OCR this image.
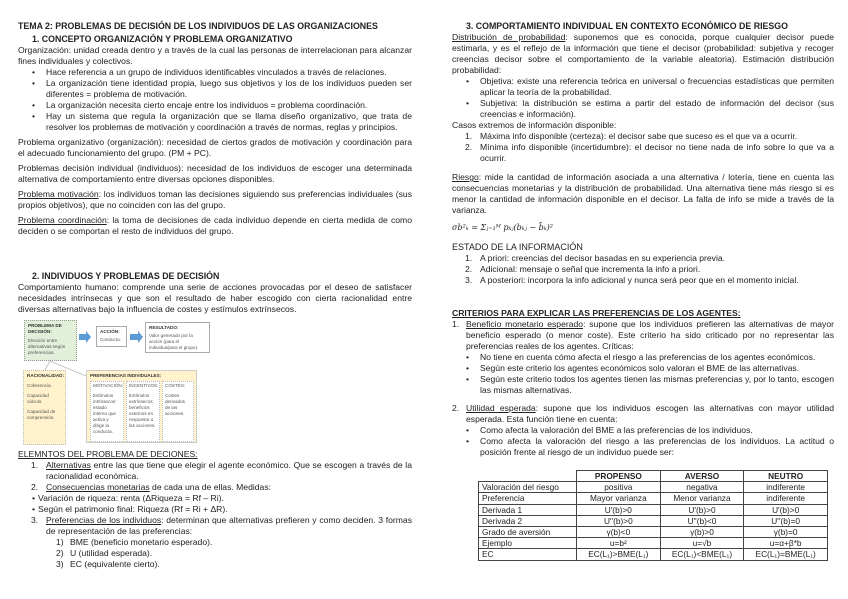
TEMA 2: PROBLEMAS DE DECISIÓN DE LOS INDIVIDUOS DE LAS ORGANIZACIONES
1. CONCEPTO ORGANIZACIÓN Y PROBLEMA ORGANIZATIVO
Organización: unidad creada dentro y a través de la cual las personas de interrelacionan para alcanzar fines individuales y colectivos.
• Hace referencia a un grupo de individuos identificables vinculados a través de relaciones.
• La organización tiene identidad propia, luego sus objetivos y los de los individuos pueden ser diferentes = problema de motivación.
• La organización necesita cierto encaje entre los individuos = problema coordinación.
• Hay un sistema que regula la organización que se llama diseño organizativo, que trata de resolver los problemas de motivación y coordinación a través de normas, reglas y principios.

Problema organizativo (organización): necesidad de ciertos grados de motivación y coordinación para el adecuado funcionamiento del grupo. (PM + PC).

Problemas decisión individual (individuos): necesidad de los individuos de escoger una determinada alternativa de comportamiento entre diversas opciones disponibles.

Problema motivación: los individuos toman las decisiones siguiendo sus preferencias individuales (sus propios objetivos), que no coinciden con las del grupo.

Problema coordinación: la toma de decisiones de cada individuo depende en cierta medida de como deciden o se comportan el resto de individuos del grupo.

2. INDIVIDUOS Y PROBLEMAS DE DECISIÓN
Comportamiento humano: comprende una serie de acciones provocadas por el deseo de satisfacer necesidades intrínsecas y que son el resultado de haber escogido con cierta racionalidad entre diversas alternativas bajo la influencia de costes y estímulos extrínsecos.
PROBLEMA DE DECISIÓN:
Elección entre alternativas según preferencias.
ACCIÓN:
Conducta.
RESULTADO:
Valor generado por la acción (para el individuo/para el grupo).
RACIONALIDAD:
Coherencia.
Capacidad cálculo.
Capacidad de comprensión.
PREFERENCIAS INDIVIDUALES:
MOTIVACIÓN:
Estímulos intrínsecos: estado interno que activa y dirige la conducta.
INCENTIVOS:
Estímulos extrínsecos: beneficios externos en respuesta a las acciones.
COSTES:
Costes derivados de las acciones.
ELEMNTOS DEL PROBLEMA DE DECIONES:
1. Alternativas entre las que tiene que elegir el agente económico. Que se escogen a través de la racionalidad económica.
2. Consecuencias monetarias de cada una de ellas. Medidas:
• Variación de riqueza: renta (ΔRiqueza = Rf – Ri).
• Según el patrimonio final: Riqueza (Rf = Ri + ΔR).
3. Preferencias de los individuos: determinan que alternativas prefieren y como deciden. 3 formas de representación de las preferencias:
1) BME (beneficio monetario esperado).
2) U (utilidad esperada).
3) EC (equivalente cierto).
3. COMPORTAMIENTO INDIVIDUAL EN CONTEXTO ECONÓMICO DE RIESGO
Distribución de probabilidad: suponemos que es conocida, porque cualquier decisor puede estimarla, y es el reflejo de la información que tiene el decisor (probabilidad: subjetiva y recoger creencias decisor sobre el comportamiento de la variable aleatoria). Estimación distribución probabilidad:
• Objetiva: existe una referencia teórica en universal o frecuencias estadísticas que permiten aplicar la teoría de la probabilidad.
• Subjetiva: la distribución se estima a partir del estado de información del decisor (sus creencias e información).
Casos extremos de información disponible:
1. Máxima info disponible (certeza): el decisor sabe que suceso es el que va a ocurrir.
2. Mínima info disponible (incertidumbre): el decisor no tiene nada de info sobre lo que va a ocurrir.
Riesgo: mide la cantidad de información asociada a una alternativa / lotería, tiene en cuenta las consecuencias monetarias y la distribución de probabilidad. Una alternativa tiene más riesgo si es menor la cantidad de información disponible en el decisor. La falta de info se mide a través de la varianza.
σb²ₖ = Σⱼ₌₁ᴹ pₖⱼ(bₖⱼ − b̄ₖ)²
ESTADO DE LA INFORMACIÓN
1. A priori: creencias del decisor basadas en su experiencia previa.
2. Adicional: mensaje o señal que incrementa la info a priori.
3. A posteriori: incorpora la info adicional y nunca será peor que en el momento inicial.
CRITERIOS PARA EXPLICAR LAS PREFERENCIAS DE LOS AGENTES:
1. Beneficio monetario esperado: supone que los individuos prefieren las alternativas de mayor beneficio esperado (o menor coste). Este criterio ha sido criticado por no representar las preferencias reales de los agentes. Críticas:
• No tiene en cuenta cómo afecta el riesgo a las preferencias de los agentes económicos.
• Según este criterio los agentes económicos solo valoran el BME de las alternativas.
• Según este criterio todos los agentes tienen las mismas preferencias y, por lo tanto, escogen las mismas alternativas.
2. Utilidad esperada: supone que los individuos escogen las alternativas con mayor utilidad esperada. Esta función tiene en cuenta:
• Como afecta la valoración del BME a las preferencias de los individuos.
• Como afecta la valoración del riesgo a las preferencias de los individuos. La actitud o posición frente al riesgo de un individuo puede ser:
	PROPENSO	AVERSO	NEUTRO
Valoración del riesgo	positiva	negativa	indiferente
Preferencia	Mayor varianza	Menor varianza	indiferente
Derivada 1	U'(b)>0	U'(b)>0	U'(b)>0
Derivada 2	U''(b)>0	U''(b)<0	U''(b)=0
Grado de aversión	γ(b)<0	γ(b)>0	γ(b)=0
Ejemplo	u=b²	u=√b	u=α+β*b
EC	EC(L₁)>BME(L₁)	EC(L₁)<BME(L₁)	EC(L₁)=BME(L₁)
